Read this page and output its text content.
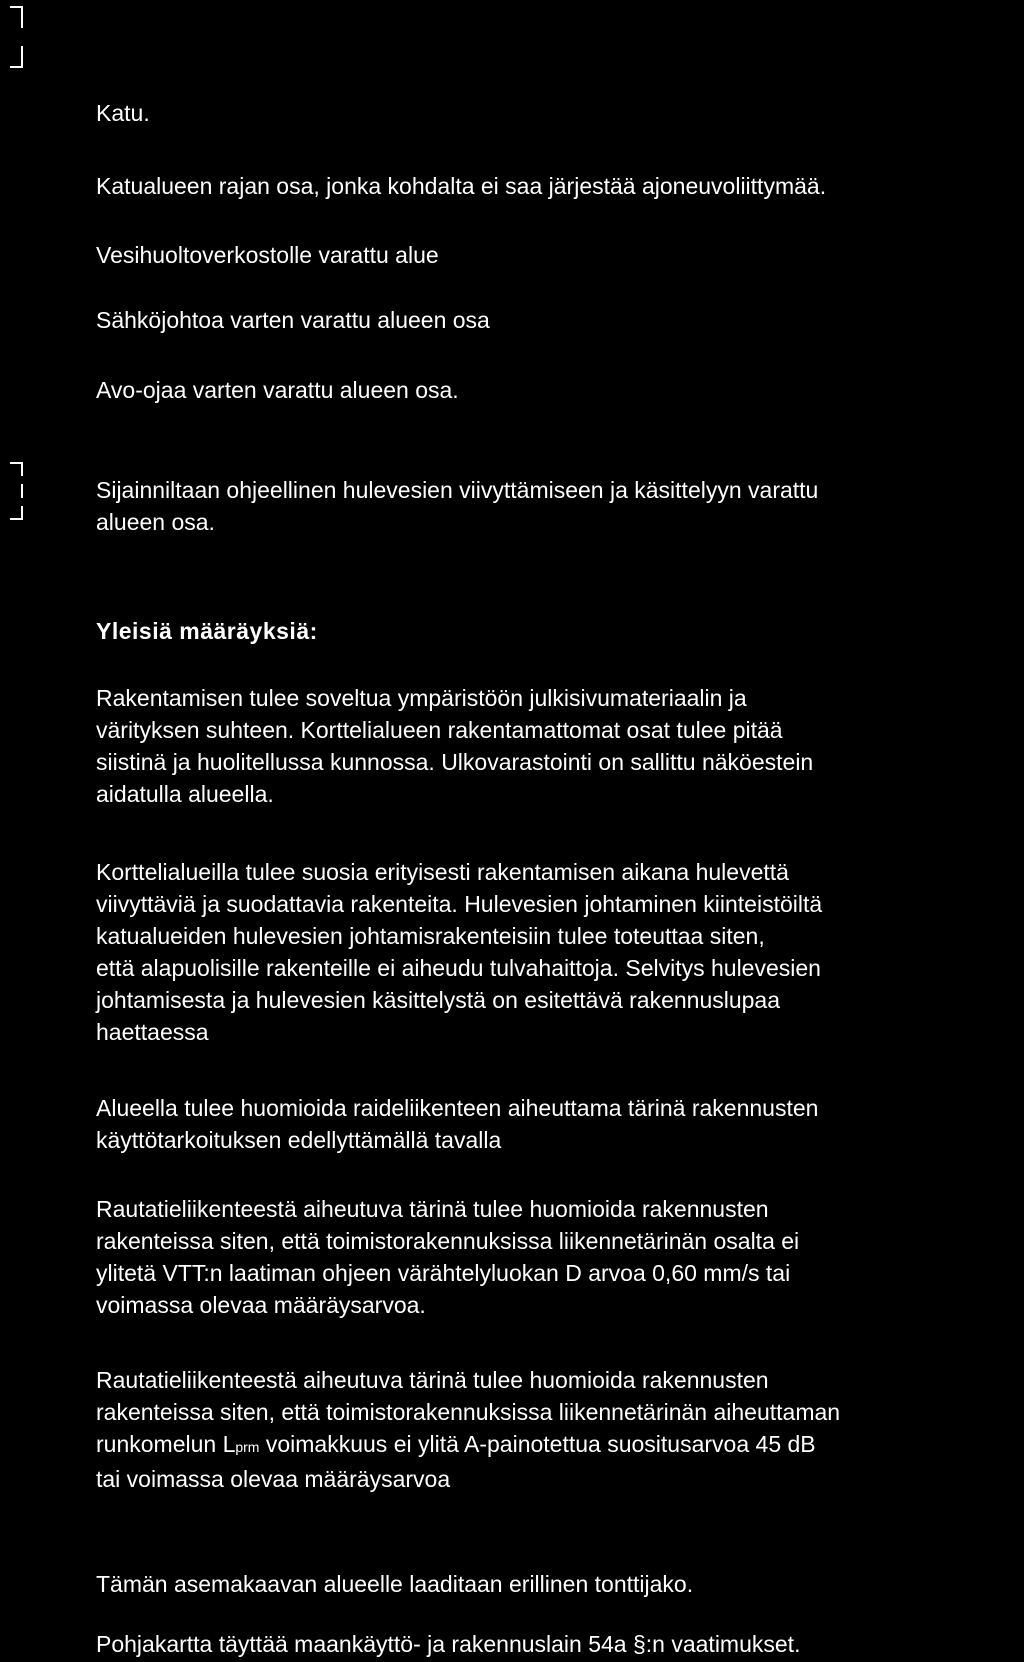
Katu.
Katualueen rajan osa, jonka kohdalta ei saa järjestää ajoneuvoliittymää.
Vesihuoltoverkostolle varattu alue
Sähköjohtoa varten varattu alueen osa
Avo-ojaa varten varattu alueen osa.

Sijainniltaan ohjeellinen hulevesien viivyttämiseen ja käsittelyyn varattu

alueen osa.

Yleisiä määräyksiä:

Rakentamisen tulee soveltua ympäristöön julkisivumateriaalin ja

värityksen suhteen. Korttelialueen rakentamattomat osat tulee pitää

siistinä ja huolitellussa kunnossa. Ulkovarastointi on sallittu näköestein

aidatulla alueella.

Korttelialueilla tulee suosia erityisesti rakentamisen aikana hulevettä

viivyttäviä ja suodattavia rakenteita. Hulevesien johtaminen kiinteistöiltä

katualueiden hulevesien johtamisrakenteisiin tulee toteuttaa siten,

että alapuolisille rakenteille ei aiheudu tulvahaittoja. Selvitys hulevesien

johtamisesta ja hulevesien käsittelystä on esitettävä rakennuslupaa

haettaessa

Alueella tulee huomioida raideliikenteen aiheuttama tärinä rakennusten

käyttötarkoituksen edellyttämällä tavalla

Rautatieliikenteestä aiheutuva tärinä tulee huomioida rakennusten

rakenteissa siten, että toimistorakennuksissa liikennetärinän osalta ei

ylitetä VTT:n laatiman ohjeen värähtelyluokan D arvoa 0,60 mm/s tai

voimassa olevaa määräysarvoa.

Rautatieliikenteestä aiheutuva tärinä tulee huomioida rakennusten

rakenteissa siten, että toimistorakennuksissa liikennetärinän aiheuttaman

runkomelun Lprm voimakkuus ei ylitä A-painotettua suositusarvoa 45 dB

tai voimassa olevaa määräysarvoa

Tämän asemakaavan alueelle laaditaan erillinen tonttijako.
Pohjakartta täyttää maankäyttö- ja rakennuslain 54a §:n vaatimukset.
